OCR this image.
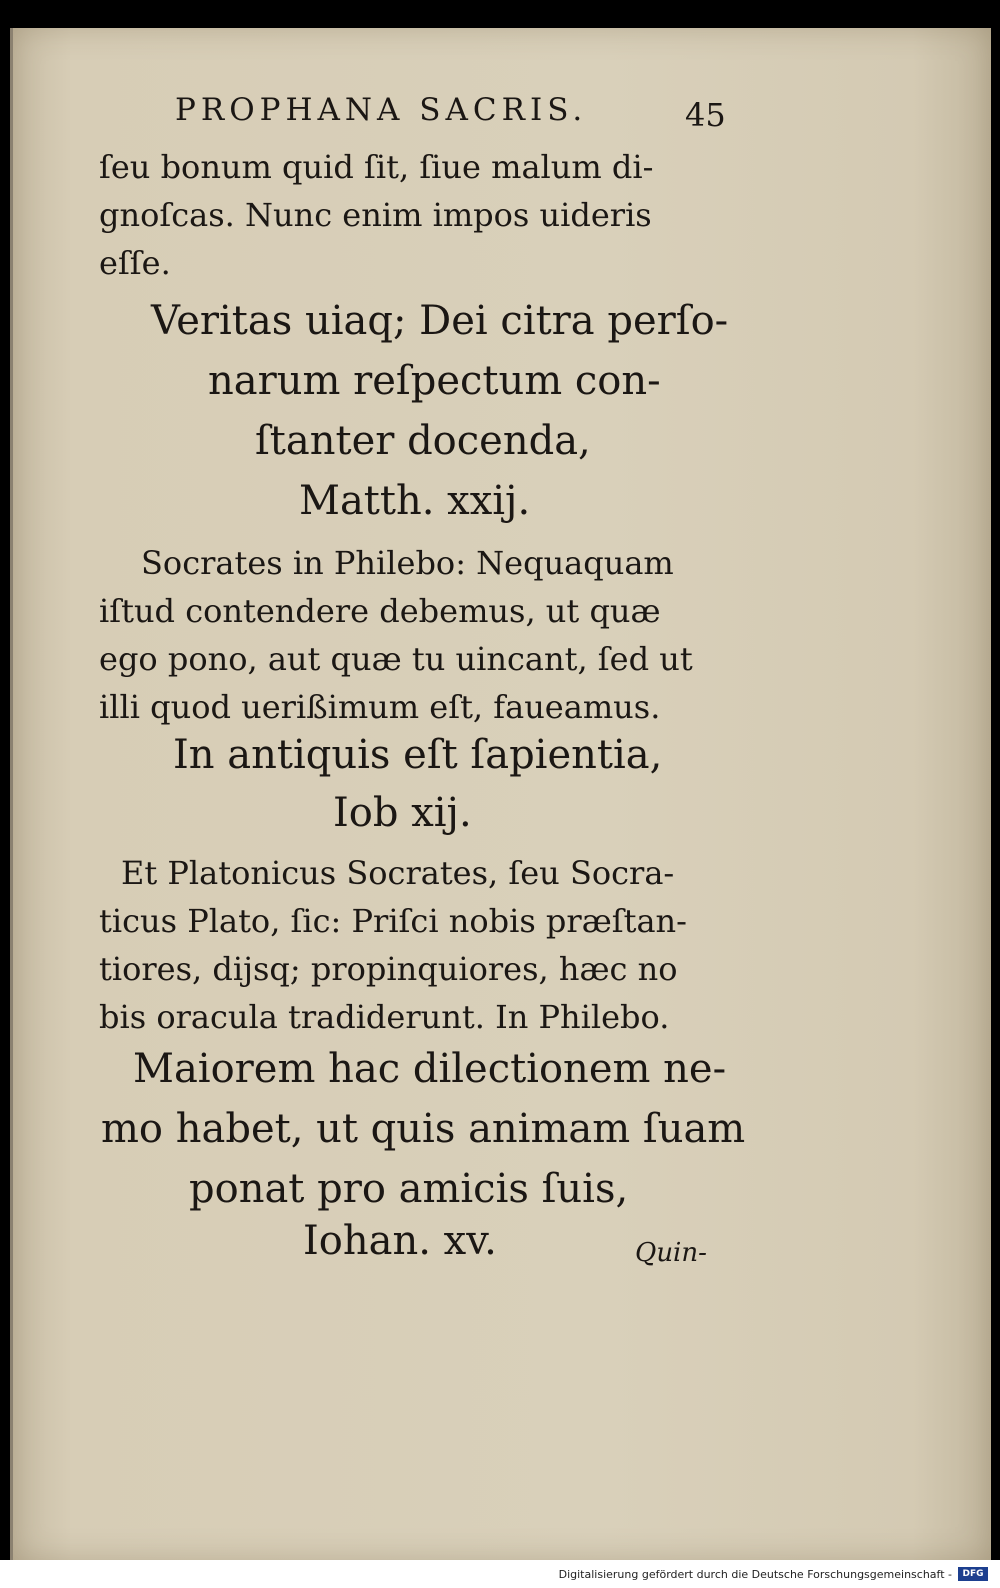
PROPHANA SACRIS.	45
ſeu bonum quid ſit, ſiue malum di-
gnoſcas. Nunc enim impos uideris
eſſe.
Veritas uiaq; Dei citra perſo-
narum reſpectum con-
ſtanter docenda,
Matth. xxij.
Socrates in Philebo: Nequaquam
iſtud contendere debemus, ut quæ
ego pono, aut quæ tu uincant, ſed ut
illi quod uerißimum eſt, faueamus.
In antiquis eſt ſapientia,
Iob xij.
Et Platonicus Socrates, ſeu Socra-
ticus Plato, ſic: Priſci nobis præſtan-
tiores, dijsq; propinquiores, hæc no
bis oracula tradiderunt. In Philebo.
Maiorem hac dilectionem ne-
mo habet, ut quis animam ſuam
ponat pro amicis ſuis,
Iohan. xv.	Quin-
Digitalisierung gefördert durch die Deutsche Forschungsgemeinschaft -	DFG
